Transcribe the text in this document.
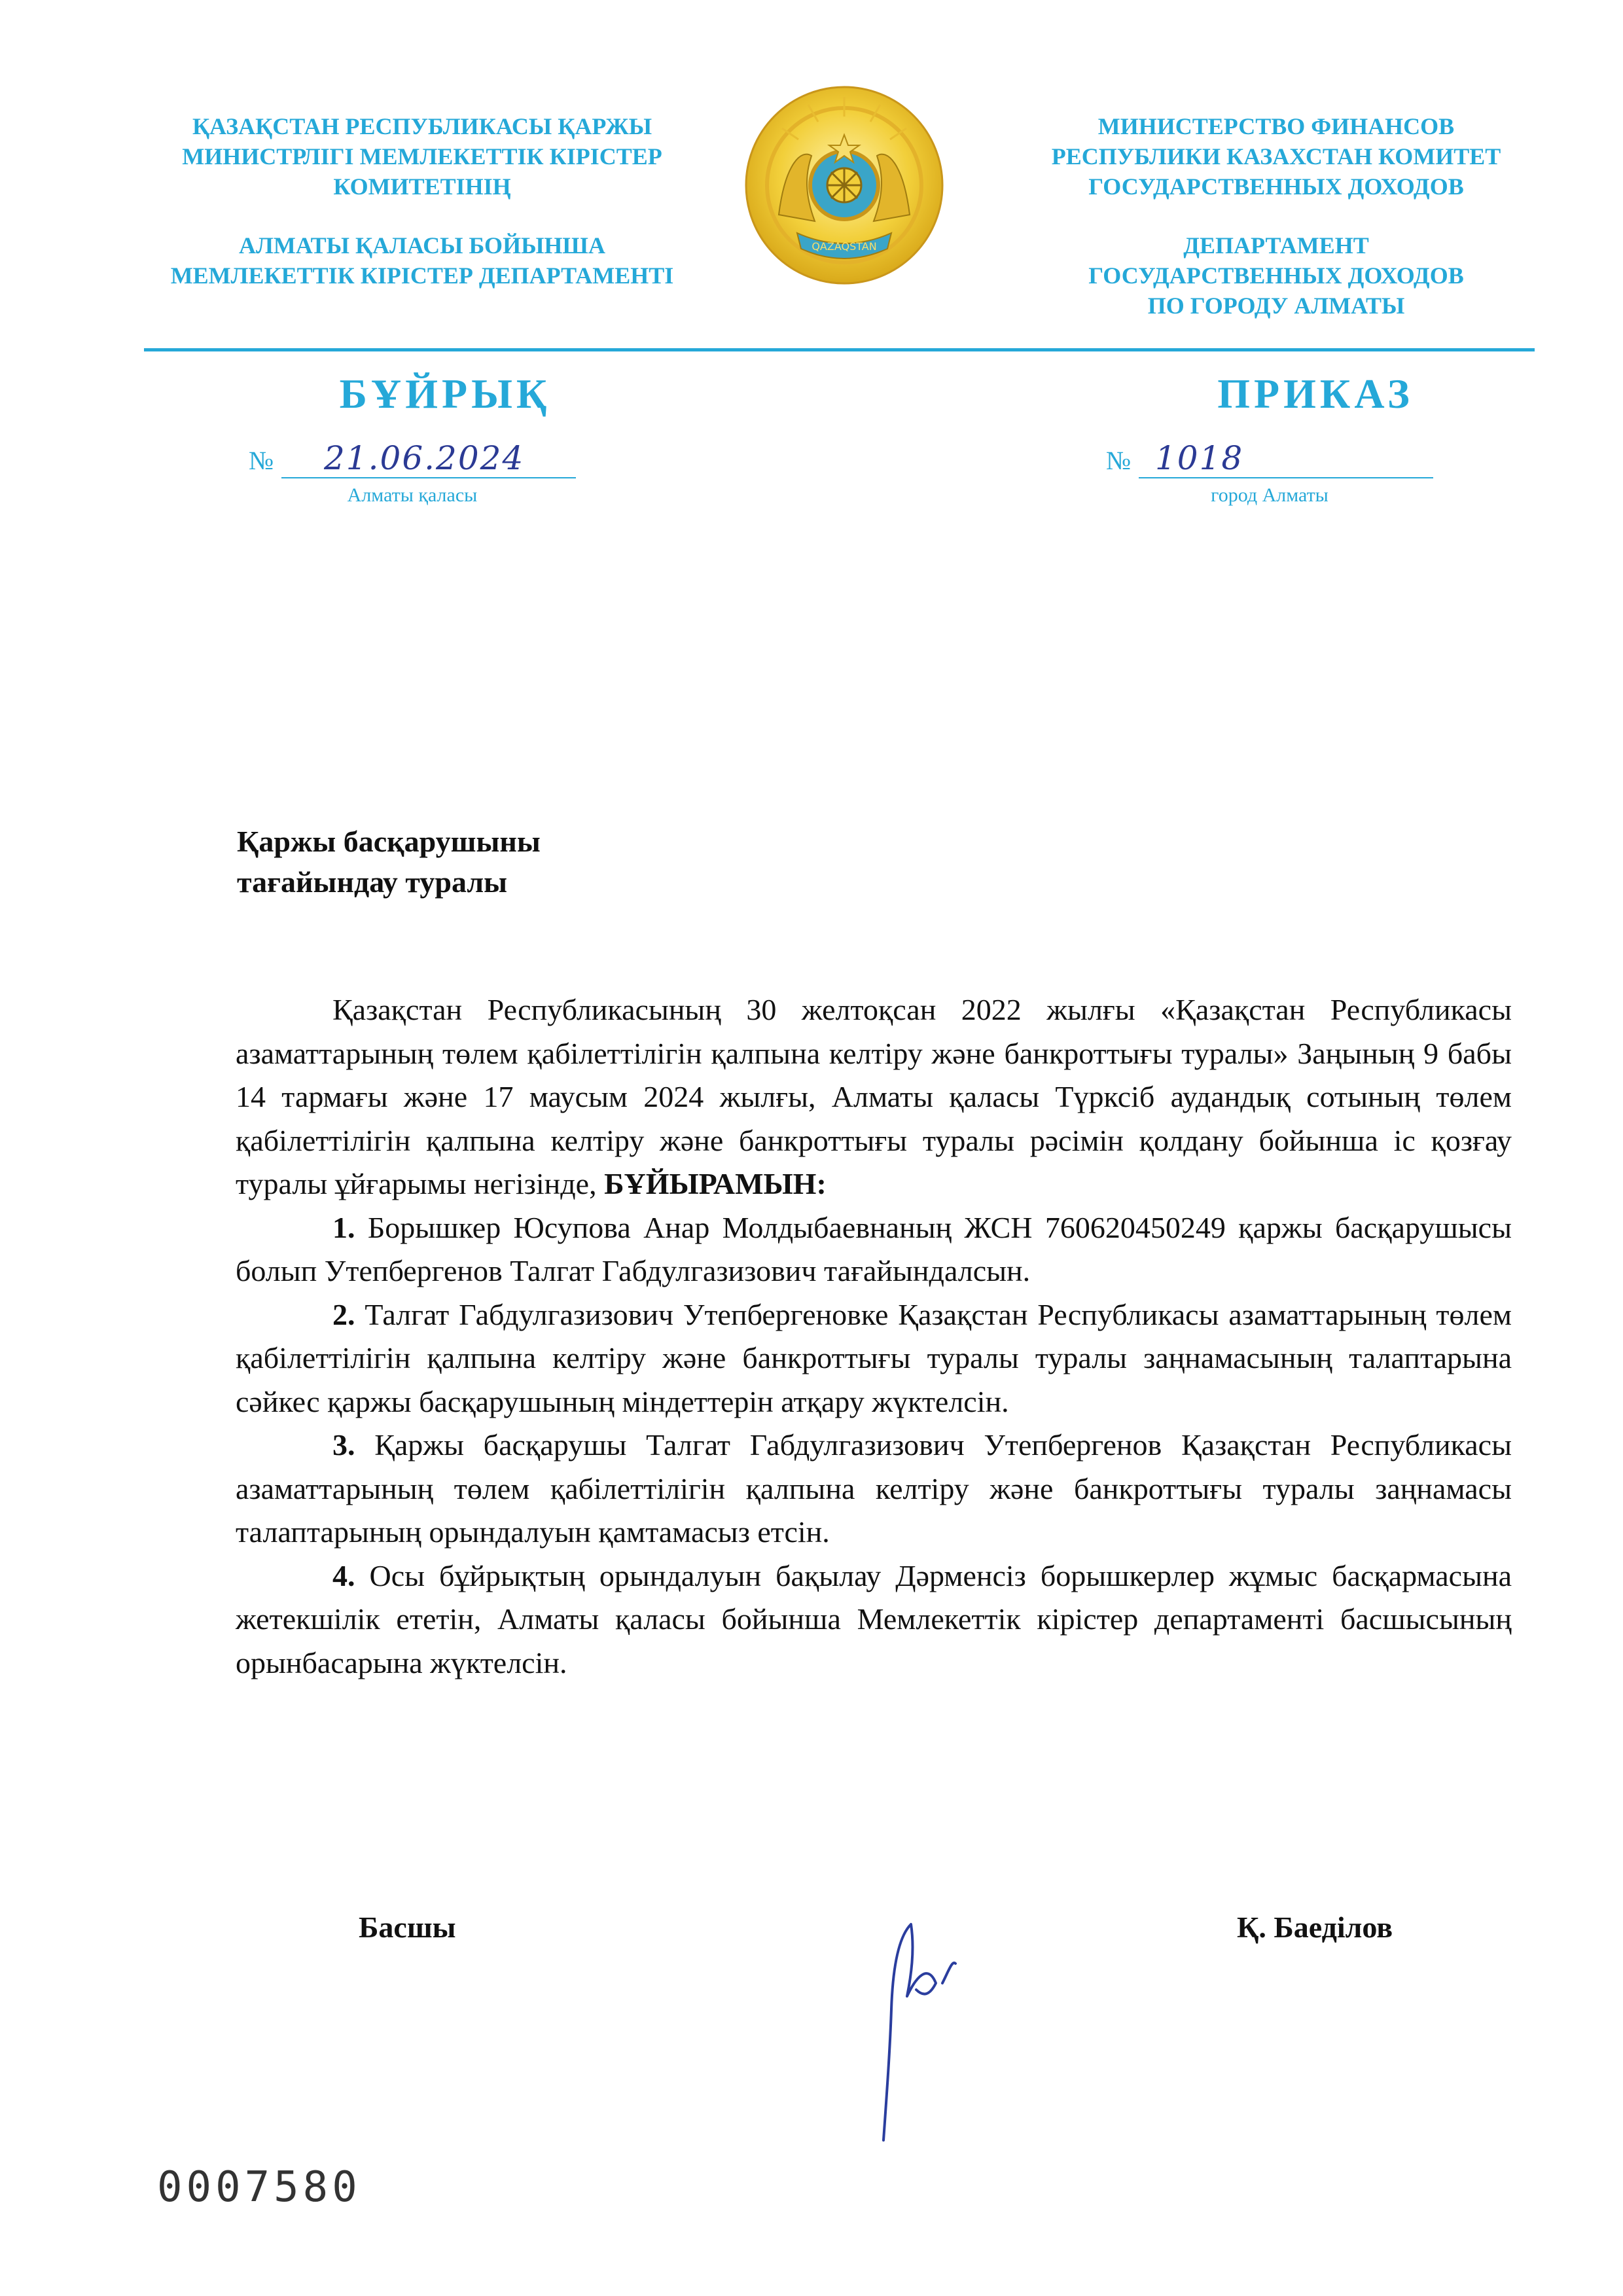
ҚАЗАҚСТАН РЕСПУБЛИКАСЫ ҚАРЖЫ
МИНИСТРЛІГІ МЕМЛЕКЕТТІК КІРІСТЕР
КОМИТЕТІНІҢ
АЛМАТЫ ҚАЛАСЫ БОЙЫНША
МЕМЛЕКЕТТІК КІРІСТЕР ДЕПАРТАМЕНТІ
QAZAQSTAN
МИНИСТЕРСТВО ФИНАНСОВ
РЕСПУБЛИКИ КАЗАХСТАН КОМИТЕТ
ГОСУДАРСТВЕННЫХ ДОХОДОВ
ДЕПАРТАМЕНТ
ГОСУДАРСТВЕННЫХ ДОХОДОВ
ПО ГОРОДУ АЛМАТЫ
БҰЙРЫҚ	ПРИКАЗ
№ 21.06.2024	№ 1018
Алматы қаласы	город Алматы
Қаржы басқарушыны
тағайындау туралы

Қазақстан Республикасының 30 желтоқсан 2022 жылғы «Қазақстан Республикасы азаматтарының төлем қабілеттілігін қалпына келтіру және банкроттығы туралы» Заңының 9 бабы 14 тармағы және 17 маусым 2024 жылғы, Алматы қаласы Түрксіб аудандық сотының төлем қабілеттілігін қалпына келтіру және банкроттығы туралы рәсімін қолдану бойынша іс қозғау туралы ұйғарымы негізінде, БҰЙЫРАМЫН:

1. Борышкер Юсупова Анар Молдыбаевнаның ЖСН 760620450249 қаржы басқарушысы болып Утепбергенов Талгат Габдулгазизович тағайындалсын.

2. Талгат Габдулгазизович Утепбергеновке Қазақстан Республикасы азаматтарының төлем қабілеттілігін қалпына келтіру және банкроттығы туралы туралы заңнамасының талаптарына сәйкес қаржы басқарушының міндеттерін атқару жүктелсін.

3. Қаржы басқарушы Талгат Габдулгазизович Утепбергенов Қазақстан Республикасы азаматтарының төлем қабілеттілігін қалпына келтіру және банкроттығы туралы заңнамасы талаптарының орындалуын қамтамасыз етсін.

4. Осы бұйрықтың орындалуын бақылау Дәрменсіз борышкерлер жұмыс басқармасына жетекшілік ететін, Алматы қаласы бойынша Мемлекеттік кірістер департаменті басшысының орынбасарына жүктелсін.

Басшы	Қ. Баеділов
0007580
